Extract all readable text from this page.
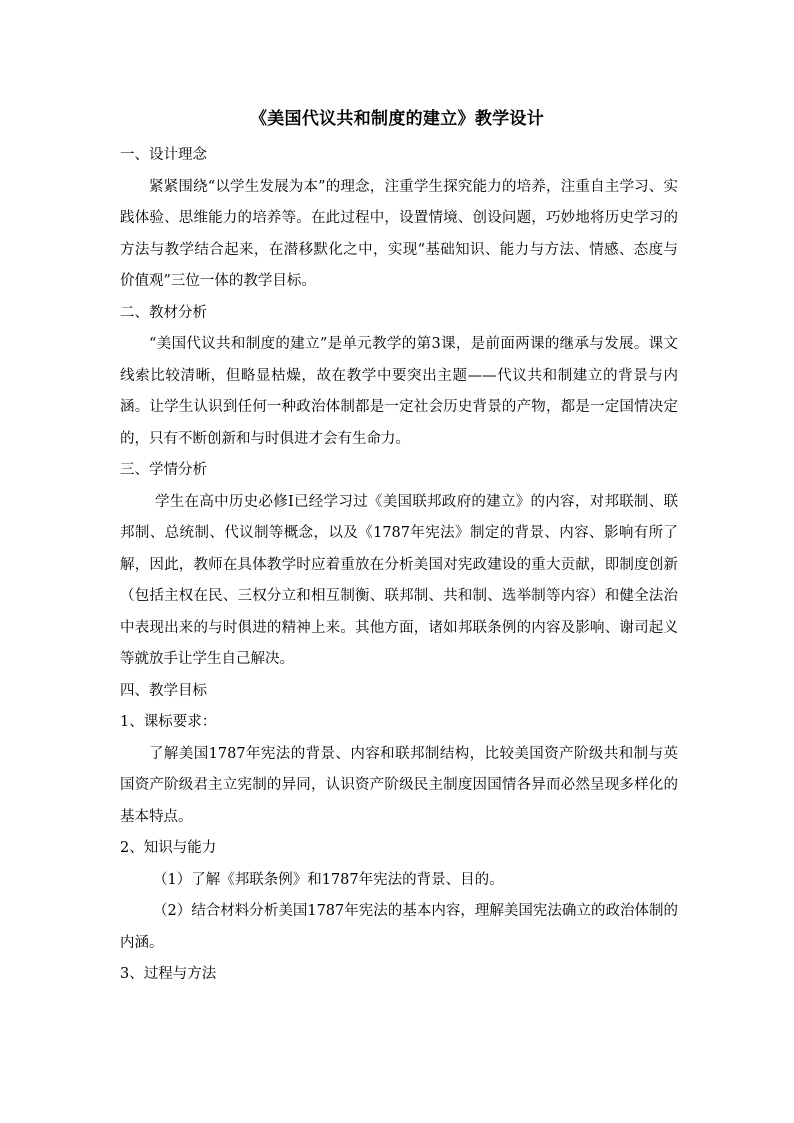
《美国代议共和制度的建立》教学设计

一、设计理念

紧紧围绕“以学生发展为本”的理念，注重学生探究能力的培养，注重自主学习、实践体验、思维能力的培养等。在此过程中，设置情境、创设问题，巧妙地将历史学习的方法与教学结合起来，在潜移默化之中，实现“基础知识、能力与方法、情感、态度与价值观”三位一体的教学目标。

二、教材分析

“美国代议共和制度的建立”是单元教学的第3课，是前面两课的继承与发展。课文线索比较清晰，但略显枯燥，故在教学中要突出主题——代议共和制建立的背景与内涵。让学生认识到任何一种政治体制都是一定社会历史背景的产物，都是一定国情决定的，只有不断创新和与时俱进才会有生命力。

三、学情分析

学生在高中历史必修Ⅰ已经学习过《美国联邦政府的建立》的内容，对邦联制、联邦制、总统制、代议制等概念，以及《1787年宪法》制定的背景、内容、影响有所了解，因此，教师在具体教学时应着重放在分析美国对宪政建设的重大贡献，即制度创新（包括主权在民、三权分立和相互制衡、联邦制、共和制、选举制等内容）和健全法治中表现出来的与时俱进的精神上来。其他方面，诸如邦联条例的内容及影响、谢司起义等就放手让学生自己解决。

四、教学目标

1、课标要求：

了解美国1787年宪法的背景、内容和联邦制结构，比较美国资产阶级共和制与英国资产阶级君主立宪制的异同，认识资产阶级民主制度因国情各异而必然呈现多样化的基本特点。

2、知识与能力

（1）了解《邦联条例》和1787年宪法的背景、目的。

（2）结合材料分析美国1787年宪法的基本内容，理解美国宪法确立的政治体制的内涵。

3、过程与方法
